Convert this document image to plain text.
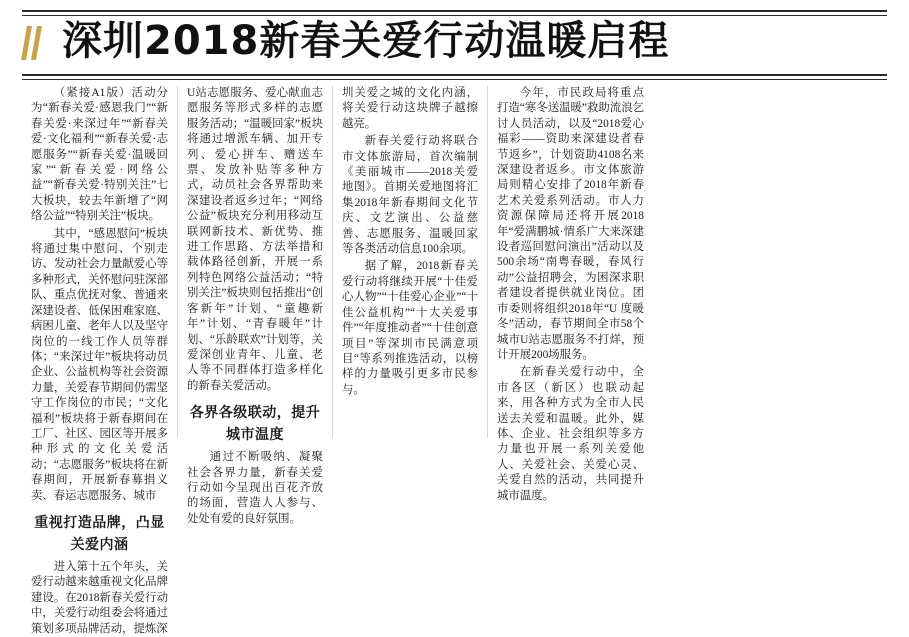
深圳2018新春关爱行动温暖启程

（紧接A1版）活动分为“新春关爱·感恩我门”“新春关爱·来深过年”“新春关爱·文化福利”“新春关爱·志愿服务”“新春关爱·温暖回家”“新春关爱·网络公益”“新春关爱·特别关注”七大板块，较去年新增了“网络公益”“特别关注”板块。

其中，“感恩慰问”板块将通过集中慰问、个别走访、发动社会力量献爱心等多种形式，关怀慰问驻深部队、重点优抚对象、普通来深建设者、低保困难家庭、病困儿童、老年人以及坚守岗位的一线工作人员等群体；“来深过年”板块将动员企业、公益机构等社会资源力量，关爱春节期间仍需坚守工作岗位的市民；“文化福利”板块将于新春期间在工厂、社区、园区等开展多种形式的文化关爱活动；“志愿服务”板块将在新春期间，开展新春募捐义卖、春运志愿服务、城市

重视打造品牌，凸显关爱内涵

进入第十五个年头，关爱行动越来越重视文化品牌建设。在2018新春关爱行动中，关爱行动组委会将通过策划多项品牌活动，提炼深

U站志愿服务、爱心献血志愿服务等形式多样的志愿服务活动；“温暖回家”板块将通过增派车辆、加开专列、爱心拼车、赠送车票、发放补贴等多种方式，动员社会各界帮助来深建设者返乡过年；“网络公益”板块充分利用移动互联网新技术、新优势、推进工作思路、方法举措和载体路径创新，开展一系列特色网络公益活动；“特别关注”板块则包括推出“创客新年”计划、“童趣新年”计划、“青春暖年”计划、“乐龄联欢”计划等，关爱深创业青年、儿童、老人等不同群体打造多样化的新春关爱活动。

各界各级联动，提升城市温度

通过不断吸纳、凝聚社会各界力量，新春关爱行动如今呈现出百花齐放的场面，营造人人参与、处处有爱的良好氛围。

圳关爱之城的文化内涵，将关爱行动这块牌子越擦越亮。

新春关爱行动将联合市文体旅游局，首次编制《美丽城市——2018关爱地图》。首期关爱地图将汇集2018年新春期间文化节庆、文艺演出、公益慈善、志愿服务、温暖回家等各类活动信息100余项。

据了解，2018新春关爱行动将继续开展“十佳爱心人物”“十佳爱心企业”“十佳公益机构”“十大关爱事件”“年度推动者”“十佳创意项目”等深圳市民满意项目“等系列推选活动，以榜样的力量吸引更多市民参与。

今年，市民政局将重点打造“寒冬送温暖”救助流浪乞讨人员活动，以及“2018爱心福彩——资助来深建设者春节返乡”，计划资助4108名来深建设者返乡。市文体旅游局则精心安排了2018年新春艺术关爱系列活动。市人力资源保障局还将开展2018年“爱满鹏城·情系广大来深建设者巡回慰问演出”活动以及500余场“南粤春暖，春风行动”公益招聘会，为困深求职者建设者提供就业岗位。团市委则将组织2018年“U 度暖冬”活动，春节期间全市58个城市U站志愿服务不打烊，预计开展200场服务。

在新春关爱行动中，全市各区（新区）也联动起来，用各种方式为全市人民送去关爱和温暖。此外，媒体、企业、社会组织等多方力量也开展一系列关爱他人、关爱社会、关爱心灵、关爱自然的活动，共同提升城市温度。
